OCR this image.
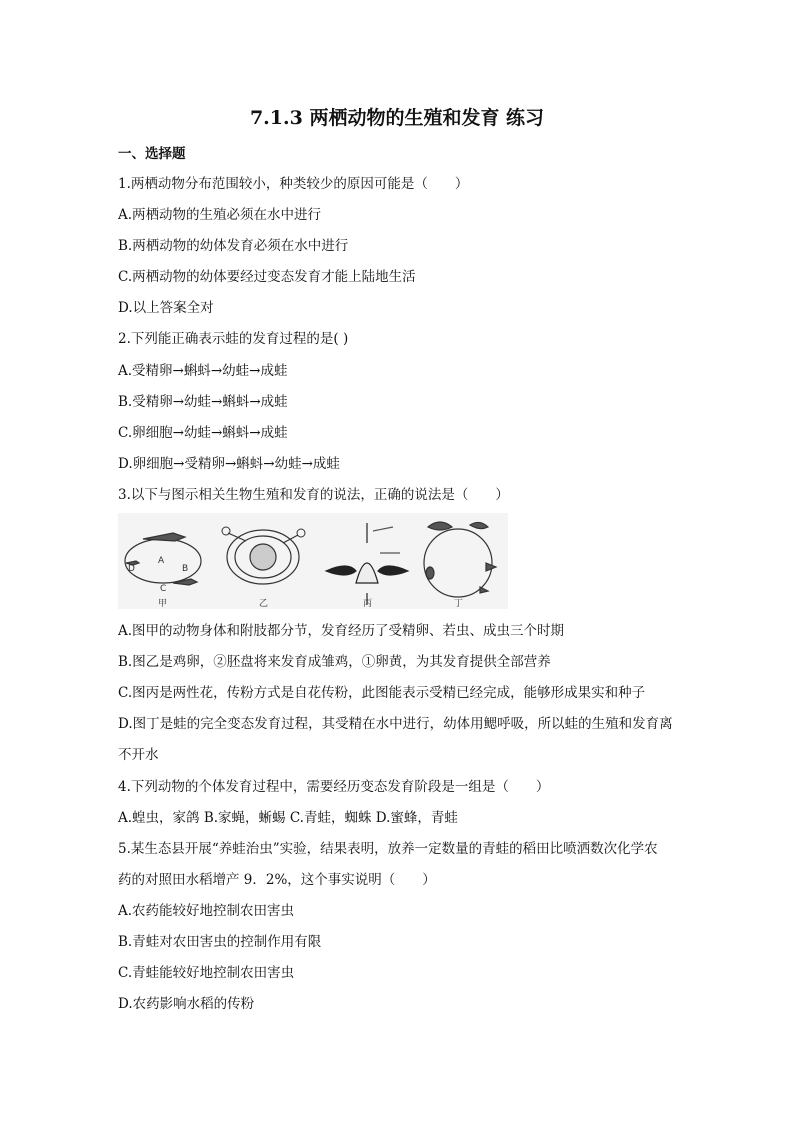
7.1.3 两栖动物的生殖和发育 练习
一、选择题
1.两栖动物分布范围较小，种类较少的原因可能是（　　）
A.两栖动物的生殖必须在水中进行
B.两栖动物的幼体发育必须在水中进行
C.两栖动物的幼体要经过变态发育才能上陆地生活
D.以上答案全对
2.下列能正确表示蛙的发育过程的是( )
A.受精卵→蝌蚪→幼蛙→成蛙
B.受精卵→幼蛙→蝌蚪→成蛙
C.卵细胞→幼蛙→蝌蚪→成蛙
D.卵细胞→受精卵→蝌蚪→幼蛙→成蛙
3.以下与图示相关生物生殖和发育的说法，正确的说法是（　　）
D
A
B
C
甲	乙	丙	丁
A.图甲的动物身体和附肢都分节，发育经历了受精卵、若虫、成虫三个时期
B.图乙是鸡卵，②胚盘将来发育成雏鸡，①卵黄，为其发育提供全部营养
C.图丙是两性花，传粉方式是自花传粉，此图能表示受精已经完成，能够形成果实和种子
D.图丁是蛙的完全变态发育过程，其受精在水中进行，幼体用鳃呼吸，所以蛙的生殖和发育离
不开水
4.下列动物的个体发育过程中，需要经历变态发育阶段是一组是（　　）
A.蝗虫，家鸽 B.家蝇，蜥蜴 C.青蛙，蜘蛛 D.蜜蜂，青蛙
5.某生态县开展“养蛙治虫”实验，结果表明，放养一定数量的青蛙的稻田比喷洒数次化学农
药的对照田水稻增产 9．2%，这个事实说明（　　）
A.农药能较好地控制农田害虫
B.青蛙对农田害虫的控制作用有限
C.青蛙能较好地控制农田害虫
D.农药影响水稻的传粉
